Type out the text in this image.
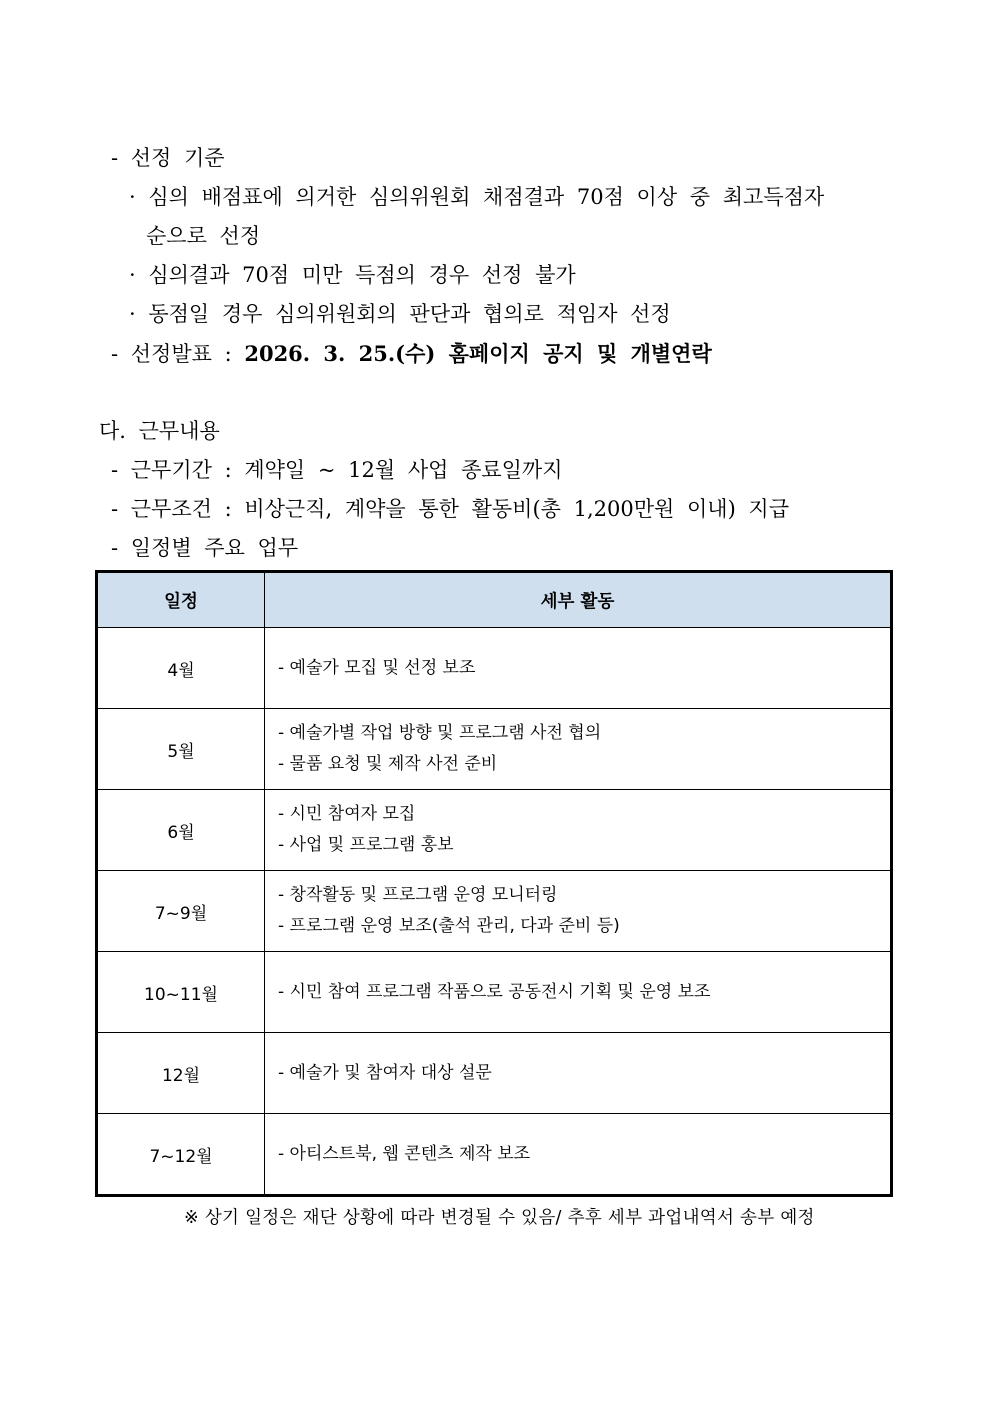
- 선정 기준

· 심의 배점표에 의거한 심의위원회 채점결과 70점 이상 중 최고득점자

순으로 선정

· 심의결과 70점 미만 득점의 경우 선정 불가

· 동점일 경우 심의위원회의 판단과 협의로 적임자 선정

- 선정발표 : 2026. 3. 25.(수) 홈페이지 공지 및 개별연락

다. 근무내용

- 근무기간 : 계약일 ~ 12월 사업 종료일까지

- 근무조건 : 비상근직, 계약을 통한 활동비(총 1,200만원 이내) 지급

- 일정별 주요 업무

일정	세부 활동
4월	- 예술가 모집 및 선정 보조

5월	- 예술가별 작업 방향 및 프로그램 사전 협의
- 물품 요청 및 제작 사전 준비

6월	- 시민 참여자 모집
- 사업 및 프로그램 홍보

7~9월	- 창작활동 및 프로그램 운영 모니터링
- 프로그램 운영 보조(출석 관리, 다과 준비 등)

10~11월	- 시민 참여 프로그램 작품으로 공동전시 기획 및 운영 보조

12월	- 예술가 및 참여자 대상 설문

7~12월	- 아티스트북, 웹 콘텐츠 제작 보조

※ 상기 일정은 재단 상황에 따라 변경될 수 있음/ 추후 세부 과업내역서 송부 예정
